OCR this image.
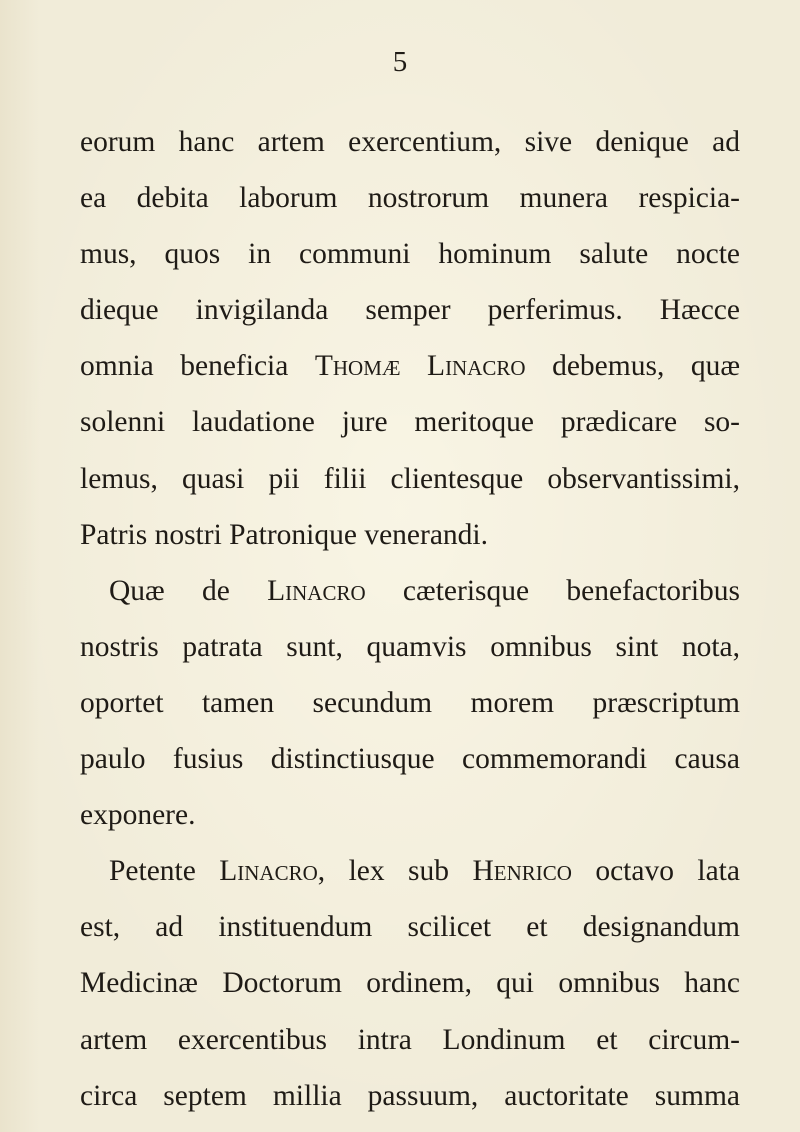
5
eorum hanc artem exercentium, sive denique ad
ea debita laborum nostrorum munera respicia-
mus, quos in communi hominum salute nocte
dieque invigilanda semper perferimus. Hæcce
omnia beneficia Thomæ Linacro debemus, quæ
solenni laudatione jure meritoque prædicare so-
lemus, quasi pii filii clientesque observantissimi,
Patris nostri Patronique venerandi.
Quæ de Linacro cæterisque benefactoribus
nostris patrata sunt, quamvis omnibus sint nota,
oportet tamen secundum morem præscriptum
paulo fusius distinctiusque commemorandi causa
exponere.
Petente Linacro, lex sub Henrico octavo lata
est, ad instituendum scilicet et designandum
Medicinæ Doctorum ordinem, qui omnibus hanc
artem exercentibus intra Londinum et circum-
circa septem millia passuum, auctoritate summa
